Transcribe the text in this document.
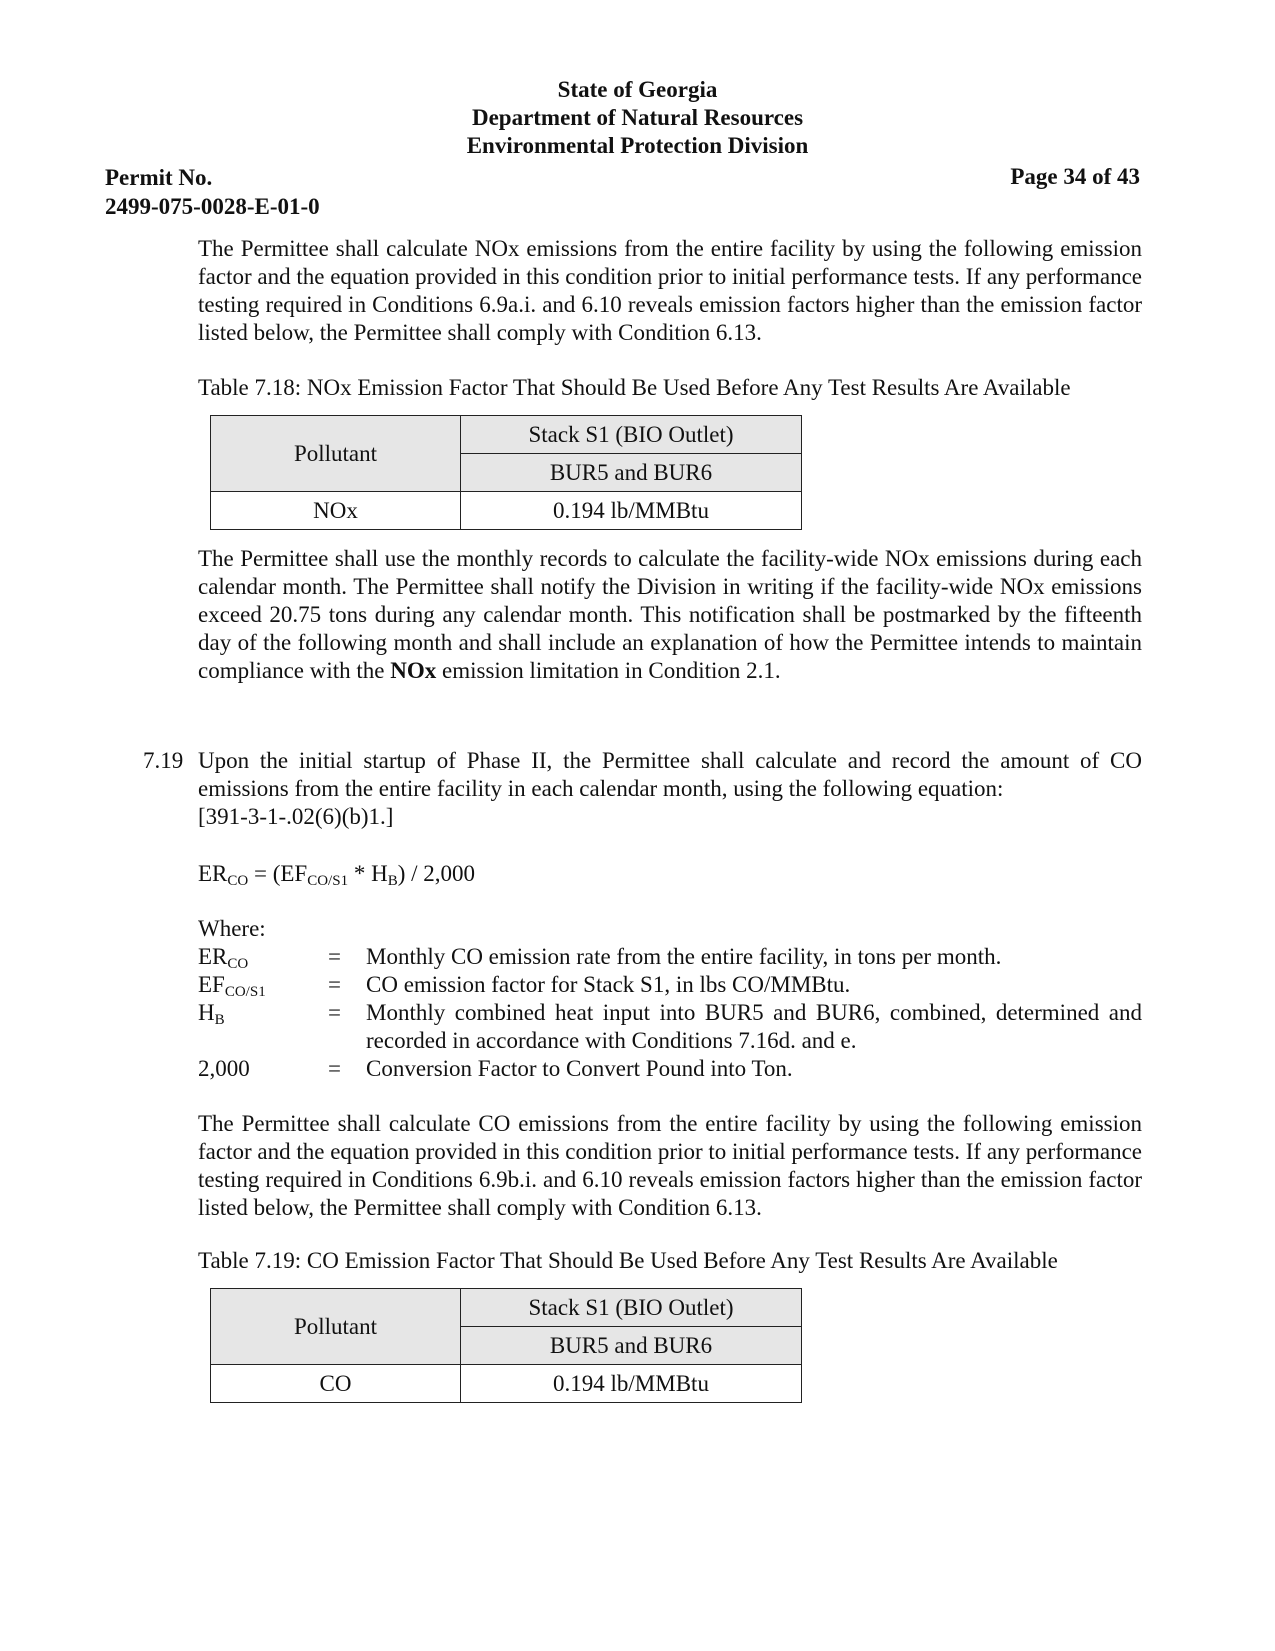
State of Georgia
Department of Natural Resources
Environmental Protection Division
Permit No.
2499-075-0028-E-01-0
Page 34 of 43

The Permittee shall calculate NOx emissions from the entire facility by using the following emission factor and the equation provided in this condition prior to initial performance tests. If any performance testing required in Conditions 6.9a.i. and 6.10 reveals emission factors higher than the emission factor listed below, the Permittee shall comply with Condition 6.13.

Table 7.18: NOx Emission Factor That Should Be Used Before Any Test Results Are Available
Pollutant	Stack S1 (BIO Outlet)
	BUR5 and BUR6
NOx	0.194 lb/MMBtu

The Permittee shall use the monthly records to calculate the facility-wide NOx emissions during each calendar month. The Permittee shall notify the Division in writing if the facility-wide NOx emissions exceed 20.75 tons during any calendar month. This notification shall be postmarked by the fifteenth day of the following month and shall include an explanation of how the Permittee intends to maintain compliance with the NOx emission limitation in Condition 2.1.

7.19 Upon the initial startup of Phase II, the Permittee shall calculate and record the amount of CO emissions from the entire facility in each calendar month, using the following equation:

[391-3-1-.02(6)(b)1.]

$ER_{CO} = (EF_{CO/S1} * H_B) / 2,000$
Where:
$ER_{CO}$	= Monthly CO emission rate from the entire facility, in tons per month.
$EF_{CO/S1}$	= CO emission factor for Stack S1, in lbs CO/MMBtu.
$H_B$	= Monthly combined heat input into BUR5 and BUR6, combined, determined and recorded in accordance with Conditions 7.16d. and e.
2,000	= Conversion Factor to Convert Pound into Ton.

The Permittee shall calculate CO emissions from the entire facility by using the following emission factor and the equation provided in this condition prior to initial performance tests. If any performance testing required in Conditions 6.9b.i. and 6.10 reveals emission factors higher than the emission factor listed below, the Permittee shall comply with Condition 6.13.

Table 7.19: CO Emission Factor That Should Be Used Before Any Test Results Are Available
Pollutant	Stack S1 (BIO Outlet)
	BUR5 and BUR6
CO	0.194 lb/MMBtu
